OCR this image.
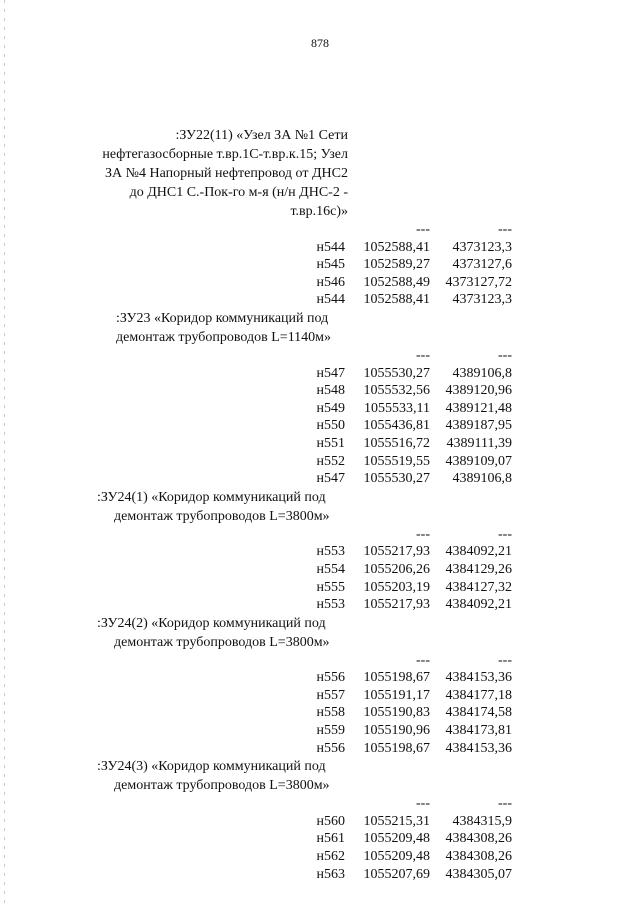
878
:ЗУ22(11) «Узел ЗА №1 Сети
нефтегазосборные т.вр.1С-т.вр.к.15; Узел
ЗА №4 Напорный нефтепровод от ДНС2
до ДНС1 С.-Пок-го м-я (н/н ДНС-2 -
т.вр.16с)»
---	---
н544	1052588,41	4373123,3
н545	1052589,27	4373127,6
н546	1052588,49	4373127,72
н544	1052588,41	4373123,3
:ЗУ23 «Коридор коммуникаций под
демонтаж трубопроводов L=1140м»
---	---
н547	1055530,27	4389106,8
н548	1055532,56	4389120,96
н549	1055533,11	4389121,48
н550	1055436,81	4389187,95
н551	1055516,72	4389111,39
н552	1055519,55	4389109,07
н547	1055530,27	4389106,8
:ЗУ24(1) «Коридор коммуникаций под
демонтаж трубопроводов L=3800м»
---	---
н553	1055217,93	4384092,21
н554	1055206,26	4384129,26
н555	1055203,19	4384127,32
н553	1055217,93	4384092,21
:ЗУ24(2) «Коридор коммуникаций под
демонтаж трубопроводов L=3800м»
---	---
н556	1055198,67	4384153,36
н557	1055191,17	4384177,18
н558	1055190,83	4384174,58
н559	1055190,96	4384173,81
н556	1055198,67	4384153,36
:ЗУ24(3) «Коридор коммуникаций под
демонтаж трубопроводов L=3800м»
---	---
н560	1055215,31	4384315,9
н561	1055209,48	4384308,26
н562	1055209,48	4384308,26
н563	1055207,69	4384305,07
